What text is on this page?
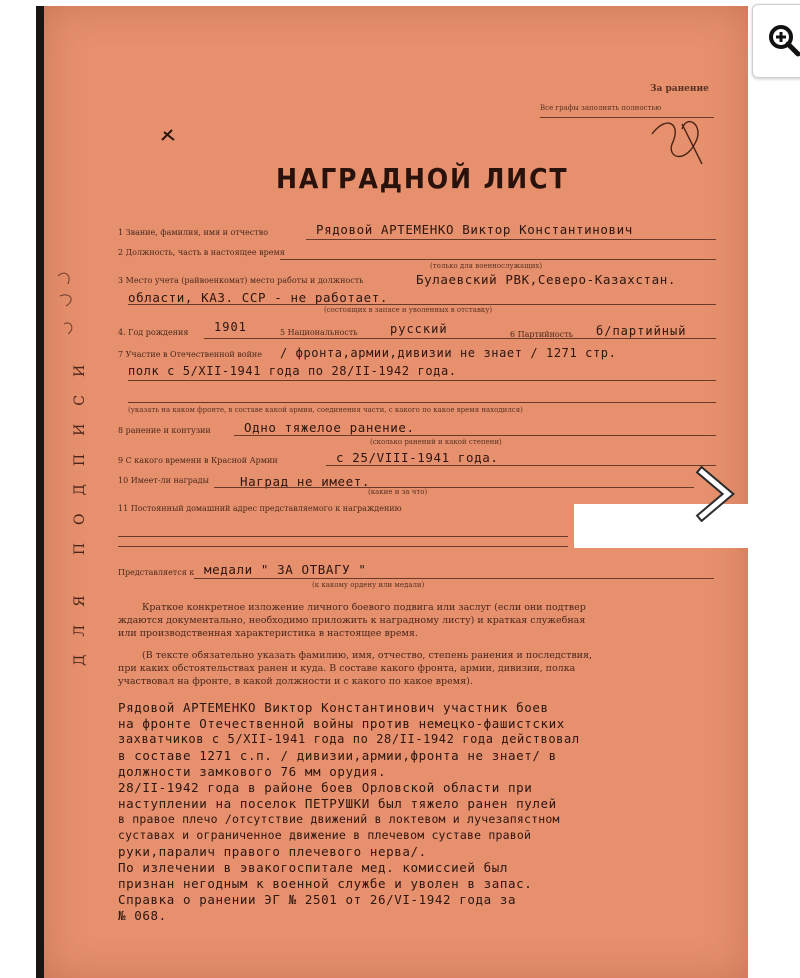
За ранение
Все графы заполнять полностью
НАГРАДНОЙ ЛИСТ
1 Звание, фамилия, имя и отчество	Рядовой АРТЕМЕНКО Виктор Константинович
2 Должность, часть в настоящее время
(только для военнослужащих)
3 Место учета (райвоенкомат) место работы и должность	Булаевский РВК,Северо-Казахстан.
области, КАЗ. ССР - не работает.
(состоящих в запасе и уволенных в отставку)
4. Год рождения 1901	5 Национальность	русский	6 Партийность б/партийный
7 Участие в Отечественной войне / фронта,армии,дивизии не знает / 1271 стр.
полк с 5/XII-1941 года по 28/II-1942 года.
(указать на каком фронте, в составе какой армии, соединения части, с какого по какое время находился)
8 ранение и контузии	Одно тяжелое ранение.
(сколько ранений и какой степени)
9 С какого времени в Красной Армии	с 25/VIII-1941 года.
10 Имеет-ли награды Наград не имеет.
(какие и за что)
11 Постоянный домашний адрес представляемого к награждению
Представляется к медали " ЗА ОТВАГУ "
(к какому ордену или медали)
Краткое конкретное изложение личного боевого подвига или заслуг (если они подтвер
ждаются документально, необходимо приложить к наградному листу) и краткая служебная
или производственная характеристика в настоящее время.
(В тексте обязательно указать фамилию, имя, отчество, степень ранения и последствия,
при каких обстоятельствах ранен и куда. В составе какого фронта, армии, дивизии, полка
участвовал на фронте, в какой должности и с какого по какое время).
Рядовой АРТЕМЕНКО Виктор Константинович участник боев
на фронте Отечественной войны против немецко-фашистских
захватчиков с 5/XII-1941 года по 28/II-1942 года действовал
в составе 1271 с.п. / дивизии,армии,фронта не знает/ в
должности замкового 76 мм орудия.
28/II-1942 года в районе боев Орловской области при
наступлении на поселок ПЕТРУШКИ был тяжело ранен пулей
в правое плечо /отсутствие движений в локтевом и лучезапястном
суставах и ограниченное движение в плечевом суставе правой
руки,паралич правого плечевого нерва/.
По излечении в эвакогоспитале мед. комиссией был
признан негодным к военной службе и уволен в запас.
Справка о ранении ЭГ № 2501 от 26/VI-1942 года за
№ 068.
ДЛЯ ПОДПИСИ
